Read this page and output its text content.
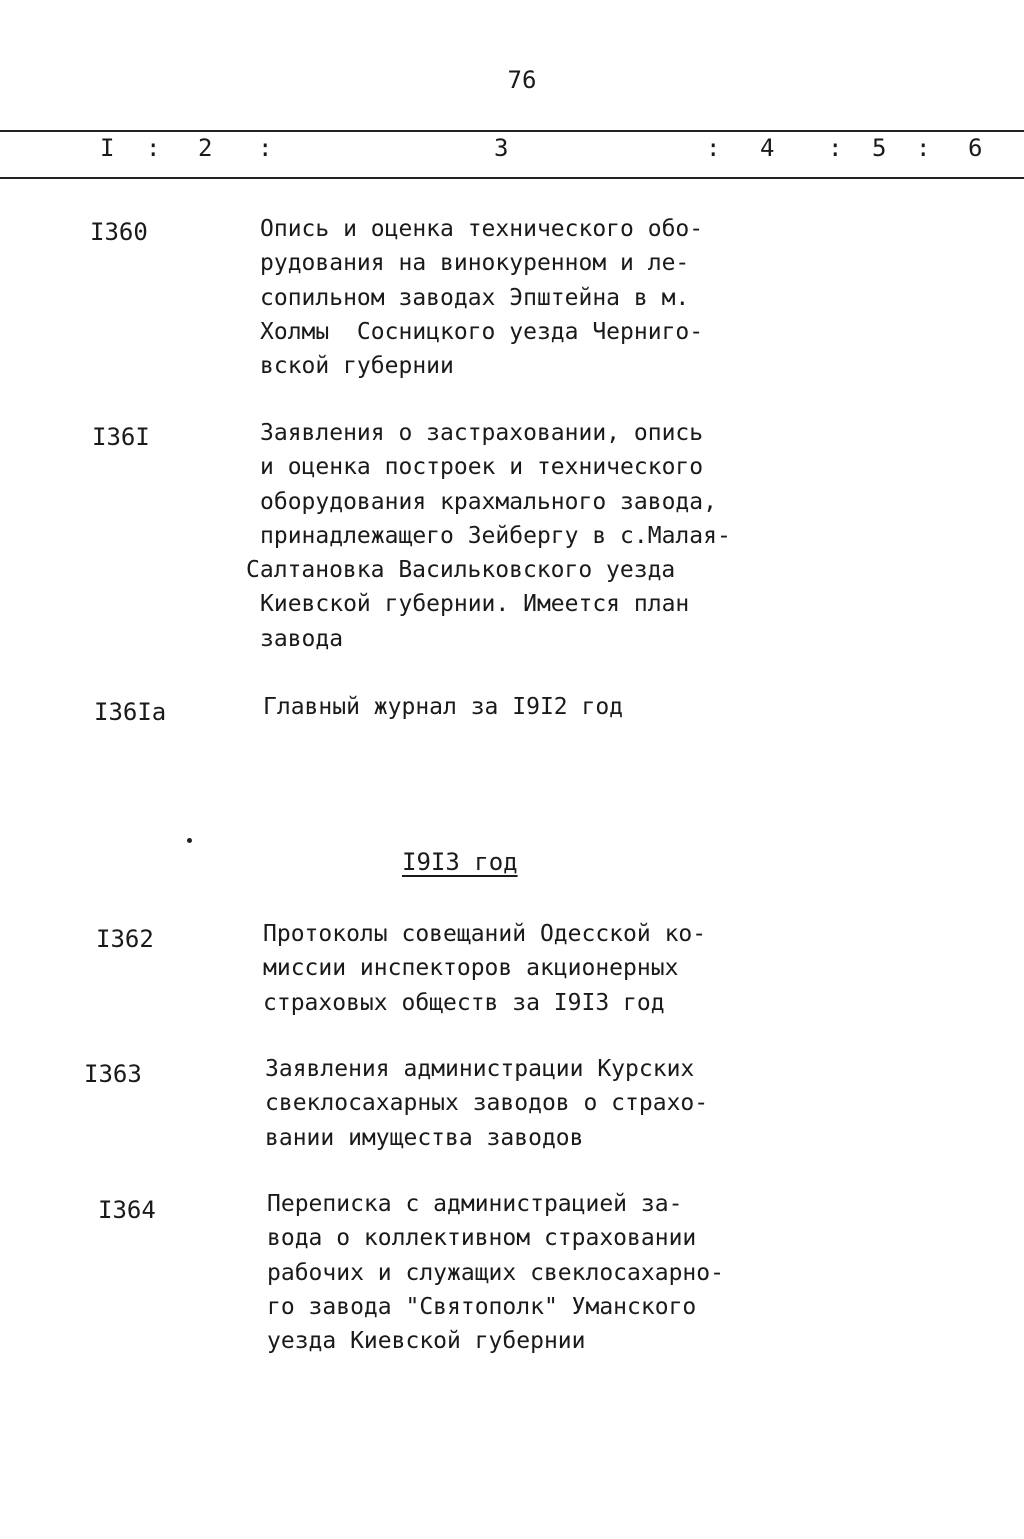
76
I : 2 :	3	: 4 : 5 : 6
I360	Опись и оценка технического обо-
рудования на винокуренном и ле-
сопильном заводах Эпштейна в м.
Холмы  Сосницкого уезда Черниго-
вской губернии
I36I	Заявления о застраховании, опись
и оценка построек и технического
оборудования крахмального завода,
принадлежащего Зейбергу в с.Малая-
Салтановка Васильковского уезда
Киевской губернии. Имеется план
завода
I36Iа	Главный журнал за I9I2 год
I9I3 год
I362	Протоколы совещаний Одесской ко-
миссии инспекторов акционерных
страховых обществ за I9I3 год
I363	Заявления администрации Курских
свеклосахарных заводов о страхо-
вании имущества заводов
I364	Переписка с администрацией за-
вода о коллективном страховании
рабочих и служащих свеклосахарно-
го завода "Святополк" Уманского
уезда Киевской губернии
